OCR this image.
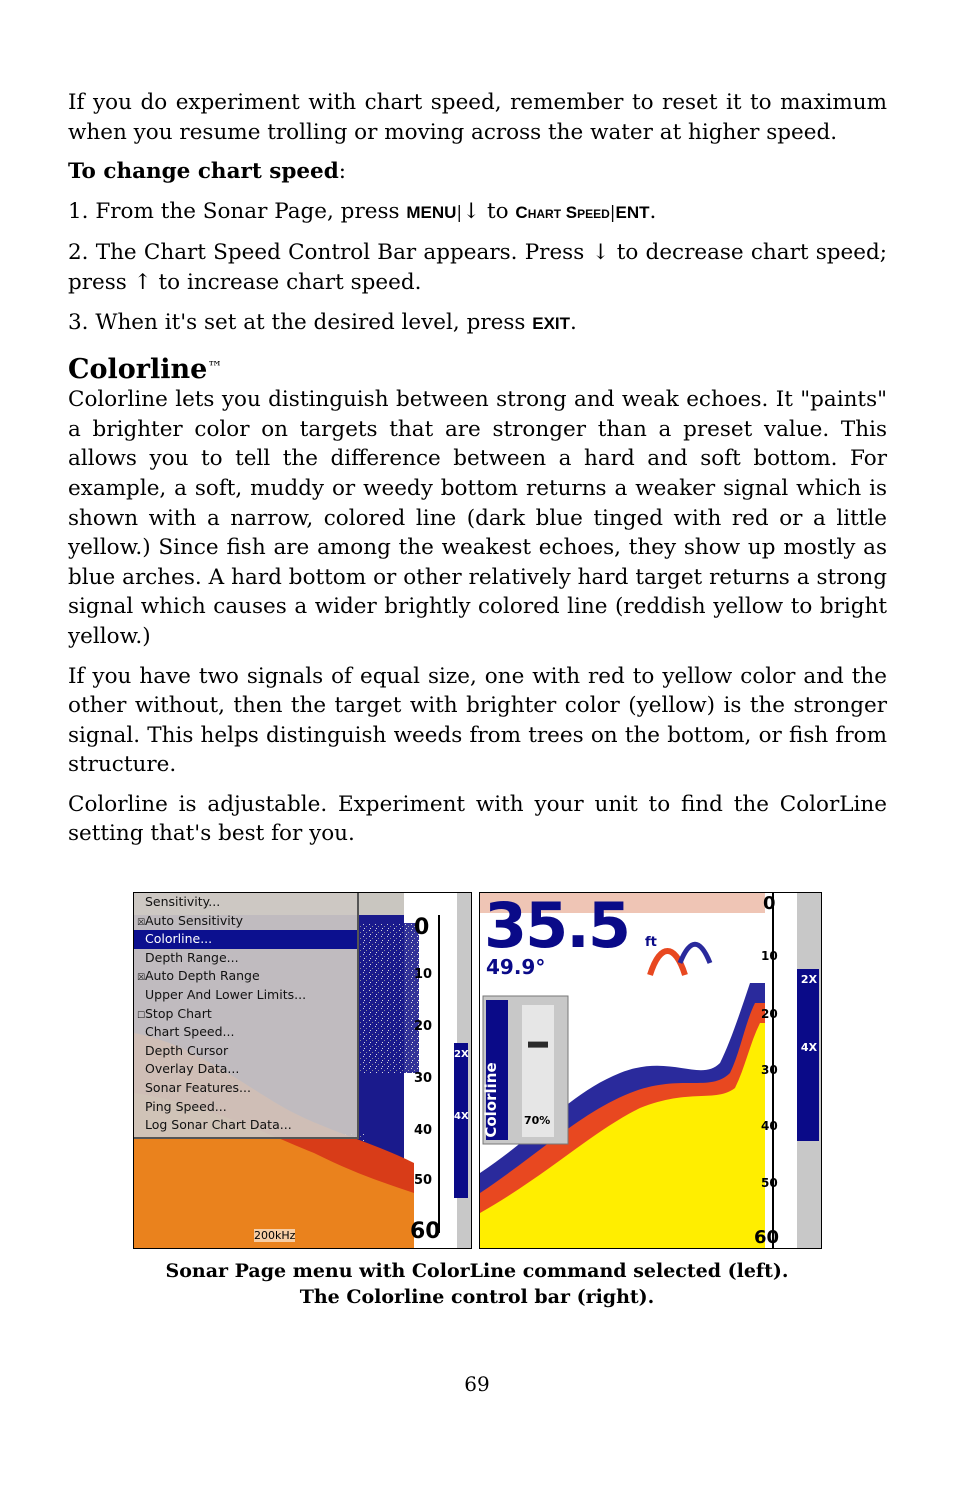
If you do experiment with chart speed, remember to reset it to maximum when you resume trolling or moving across the water at higher speed.

To change chart speed:

1. From the Sonar Page, press MENU|↓ to Chart Speed|ENT.

2. The Chart Speed Control Bar appears. Press ↓ to decrease chart speed; press ↑ to increase chart speed.

3. When it's set at the desired level, press EXIT.

Colorline™

Colorline lets you distinguish between strong and weak echoes. It "paints" a brighter color on targets that are stronger than a preset value. This allows you to tell the difference between a hard and soft bottom. For example, a soft, muddy or weedy bottom returns a weaker signal which is shown with a narrow, colored line (dark blue tinged with red or a little yellow.) Since fish are among the weakest echoes, they show up mostly as blue arches. A hard bottom or other relatively hard target returns a strong signal which causes a wider brightly colored line (reddish yellow to bright yellow.)

If you have two signals of equal size, one with red to yellow color and the other without, then the target with brighter color (yellow) is the stronger signal. This helps distinguish weeds from trees on the bottom, or fish from structure.

Colorline is adjustable. Experiment with your unit to find the ColorLine setting that's best for you.

0
10
20
30
40
50
60
2X
4X
200kHz
Sensitivity...
☒Auto Sensitivity
Colorline...
Depth Range...
☒Auto Depth Range
Upper And Lower Limits...
☐Stop Chart
Chart Speed...
Depth Cursor
Overlay Data...
Sonar Features...
Ping Speed...
Log Sonar Chart Data...
35.5 ft
49.9°
Colorline 70%
0
10
20
30
40
50
60
2X
4X
Sonar Page menu with ColorLine command selected (left).
The Colorline control bar (right).
69
